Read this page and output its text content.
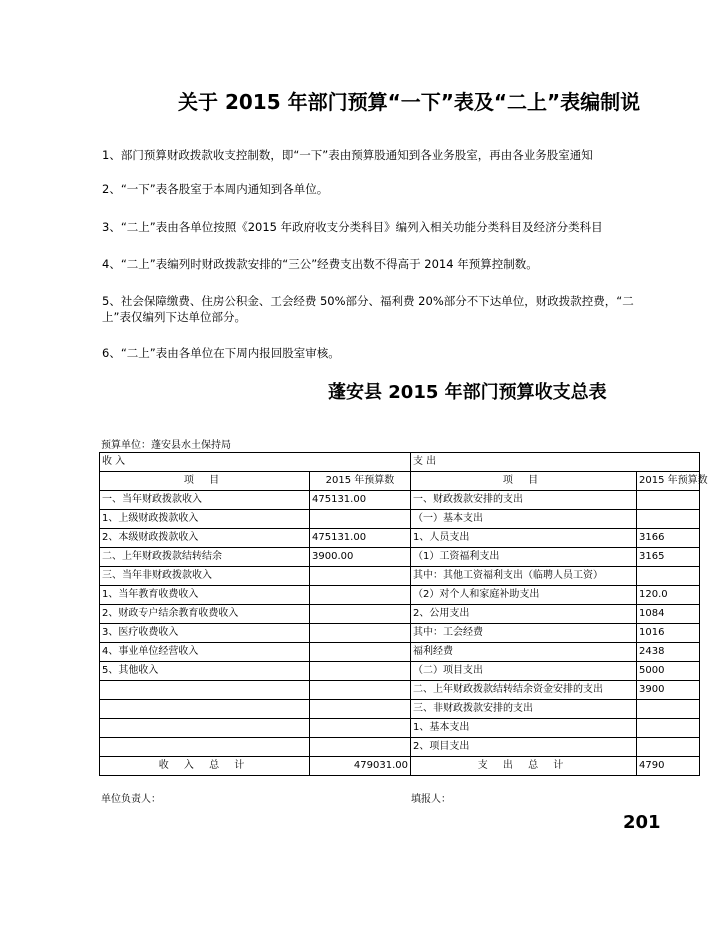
关于 2015 年部门预算“一下”表及“二上”表编制说
1、部门预算财政拨款收支控制数，即“一下”表由预算股通知到各业务股室，再由各业务股室通知
2、“一下”表各股室于本周内通知到各单位。
3、“二上”表由各单位按照《2015 年政府收支分类科目》编列入相关功能分类科目及经济分类科目
4、“二上”表编列时财政拨款安排的“三公”经费支出数不得高于 2014 年预算控制数。
5、社会保障缴费、住房公积金、工会经费 50%部分、福利费 20%部分不下达单位，财政拨款控费，“二上”表仅编列下达单位部分。
6、“二上”表由各单位在下周内报回股室审核。
蓬安县 2015 年部门预算收支总表
预算单位：蓬安县水土保持局
收 入		支 出	
项 目	2015 年预算数	项 目	2015 年预算数
一、当年财政拨款收入	475131.00	一、财政拨款安排的支出	
1、上级财政拨款收入		（一）基本支出	
2、本级财政拨款收入	475131.00	1、人员支出	3166
二、上年财政拨款结转结余	3900.00	（1）工资福利支出	3165
三、当年非财政拨款收入		其中：其他工资福利支出（临聘人员工资）	
1、当年教育收费收入		（2）对个人和家庭补助支出	120.0
2、财政专户结余教育收费收入		2、公用支出	1084
3、医疗收费收入		其中：工会经费	1016
4、事业单位经营收入		福利经费	2438
5、其他收入		（二）项目支出	5000
		二、上年财政拨款结转结余资金安排的支出	3900
		三、非财政拨款安排的支出	
		1、基本支出	
		2、项目支出	
收 入 总 计	479031.00	支 出 总 计	4790
单位负责人：	填报人：
201
